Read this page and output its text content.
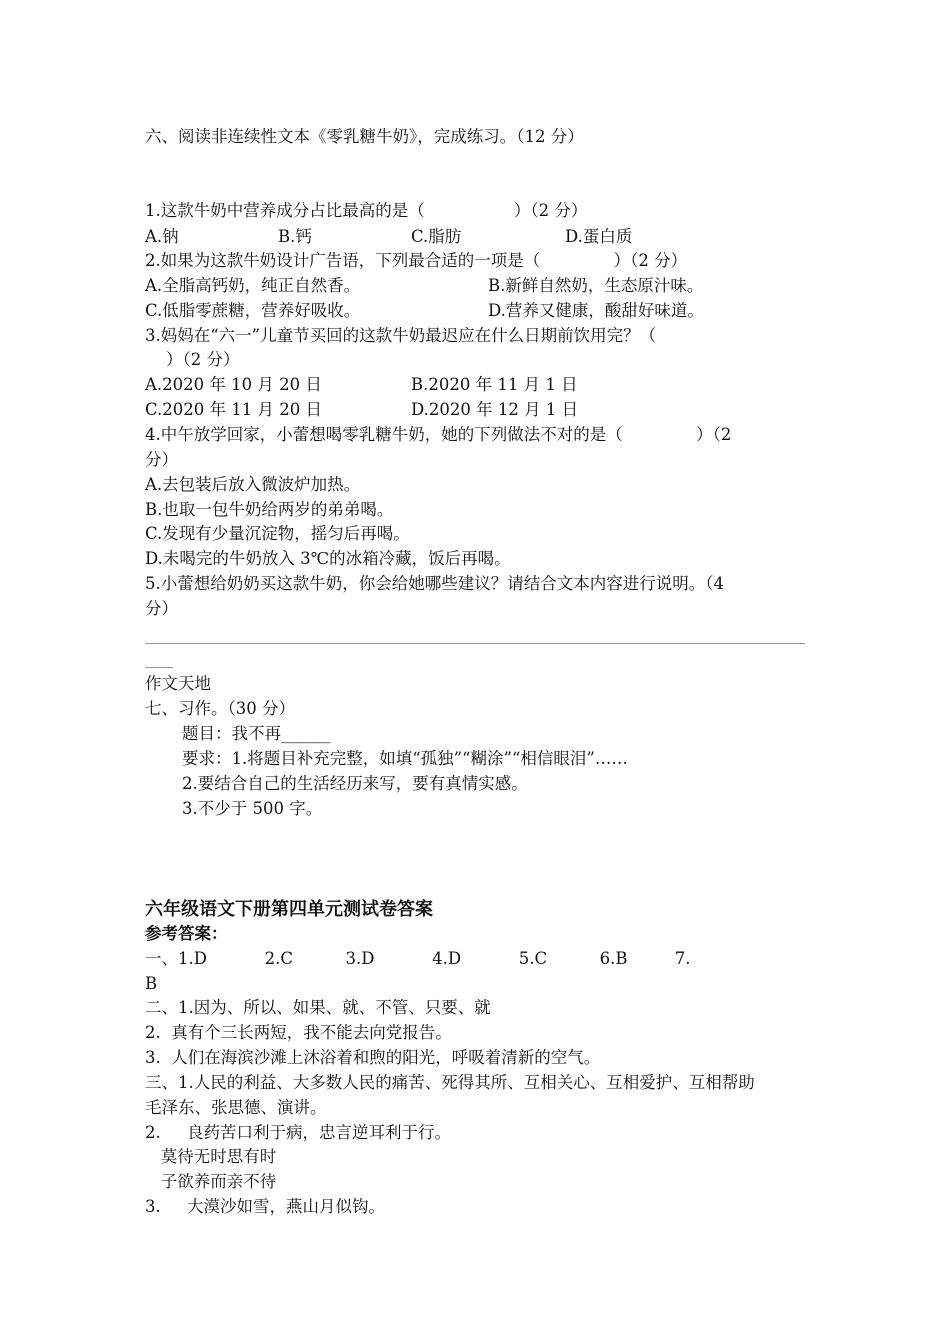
六、阅读非连续性文本《零乳糖牛奶》，完成练习。（12 分）
1.这款牛奶中营养成分占比最高的是（                 ）（2 分）
A.钠	B.钙	C.脂肪	D.蛋白质
2.如果为这款牛奶设计广告语，下列最合适的一项是（              ）（2 分）
A.全脂高钙奶，纯正自然香。	B.新鲜自然奶，生态原汁味。
C.低脂零蔗糖，营养好吸收。	D.营养又健康，酸甜好味道。
3.妈妈在“六一”儿童节买回的这款牛奶最迟应在什么日期前饮用完？（
）（2 分）
A.2020 年 10 月 20 日	B.2020 年 11 月 1 日
C.2020 年 11 月 20 日	D.2020 年 12 月 1 日
4.中午放学回家，小蕾想喝零乳糖牛奶，她的下列做法不对的是（              ）（2
分）
A.去包装后放入微波炉加热。
B.也取一包牛奶给两岁的弟弟喝。
C.发现有少量沉淀物，摇匀后再喝。
D.未喝完的牛奶放入 3℃的冰箱冷藏，饭后再喝。
5.小蕾想给奶奶买这款牛奶，你会给她哪些建议？请结合文本内容进行说明。（4
分）
作文天地
七、习作。（30 分）
题目：我不再______
要求：1.将题目补充完整，如填“孤独”“糊涂”“相信眼泪”……
2.要结合自己的生活经历来写，要有真情实感。
3.不少于 500 字。
六年级语文下册第四单元测试卷答案
参考答案：
一、1.D           2.C          3.D           4.D           5.C          6.B         7.
B
二、1.因为、所以、如果、就、不管、只要、就
2.  真有个三长两短，我不能去向党报告。
3.  人们在海滨沙滩上沐浴着和煦的阳光，呼吸着清新的空气。
三、1.人民的利益、大多数人民的痛苦、死得其所、互相关心、互相爱护、互相帮助
毛泽东、张思德、演讲。
2.     良药苦口利于病，忠言逆耳利于行。
莫待无时思有时
子欲养而亲不待
3.     大漠沙如雪，燕山月似钩。
